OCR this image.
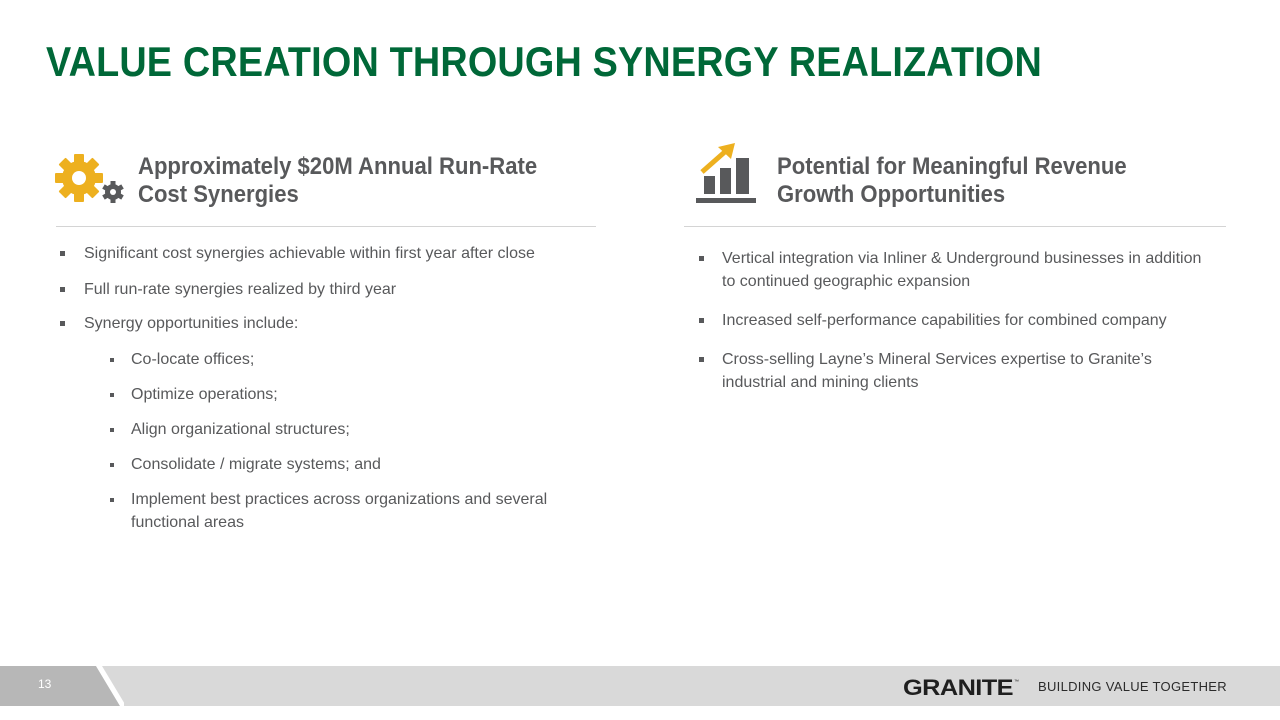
VALUE CREATION THROUGH SYNERGY REALIZATION
Approximately $20M Annual Run-Rate
Cost Synergies
Significant cost synergies achievable within first year after close
Full run-rate synergies realized by third year
Synergy opportunities include:
Co-locate offices;
Optimize operations;
Align organizational structures;
Consolidate / migrate systems; and
Implement best practices across organizations and several functional areas
Potential for Meaningful Revenue
Growth Opportunities
Vertical integration via Inliner & Underground businesses in addition to continued geographic expansion
Increased self-performance capabilities for combined company
Cross-selling Layne’s Mineral Services expertise to Granite’s industrial and mining clients
13	GRANITE ™ BUILDING VALUE TOGETHER
